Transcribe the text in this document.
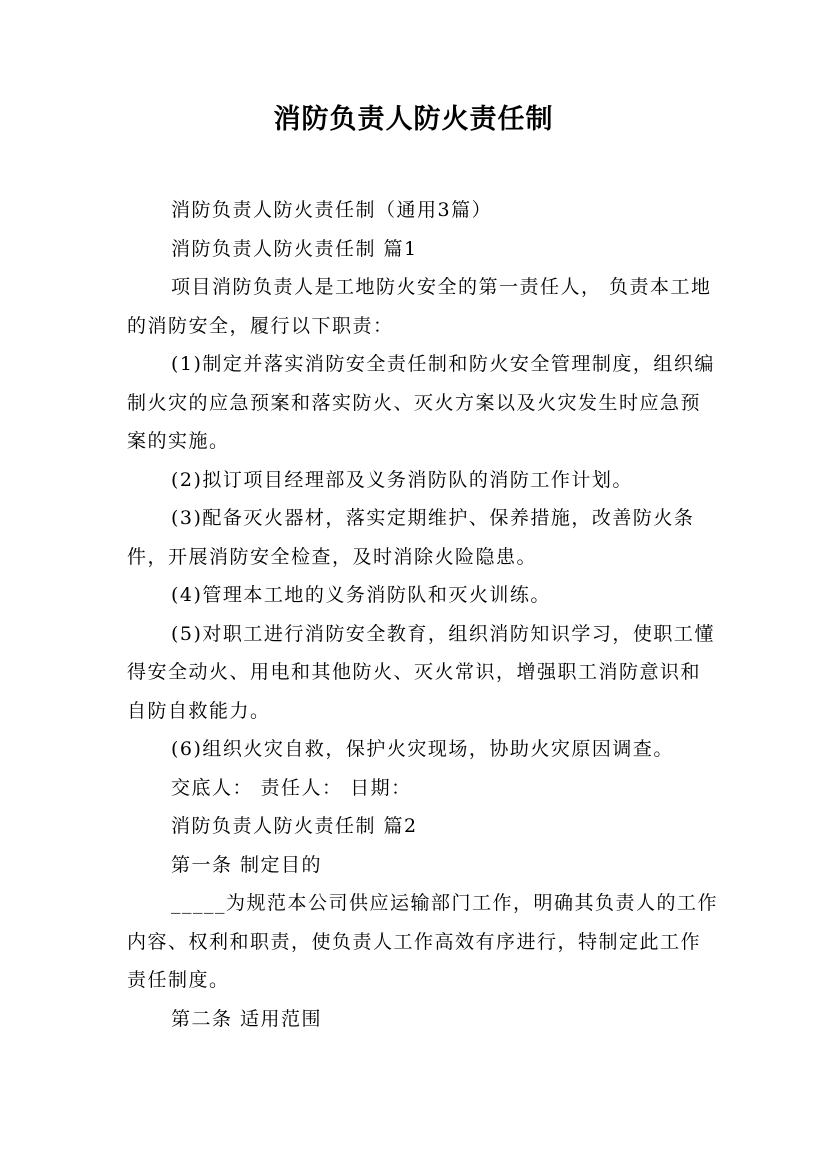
消防负责人防火责任制

消防负责人防火责任制（通用3篇）

消防负责人防火责任制 篇1

项目消防负责人是工地防火安全的第一责任人， 负责本工地的消防安全，履行以下职责：

(1)制定并落实消防安全责任制和防火安全管理制度，组织编制火灾的应急预案和落实防火、灭火方案以及火灾发生时应急预案的实施。

(2)拟订项目经理部及义务消防队的消防工作计划。

(3)配备灭火器材，落实定期维护、保养措施，改善防火条件，开展消防安全检查，及时消除火险隐患。

(4)管理本工地的义务消防队和灭火训练。

(5)对职工进行消防安全教育，组织消防知识学习，使职工懂得安全动火、用电和其他防火、灭火常识，增强职工消防意识和自防自救能力。

(6)组织火灾自救，保护火灾现场，协助火灾原因调查。

交底人： 责任人： 日期：

消防负责人防火责任制 篇2

第一条 制定目的

_____为规范本公司供应运输部门工作，明确其负责人的工作内容、权利和职责，使负责人工作高效有序进行，特制定此工作责任制度。

第二条 适用范围
